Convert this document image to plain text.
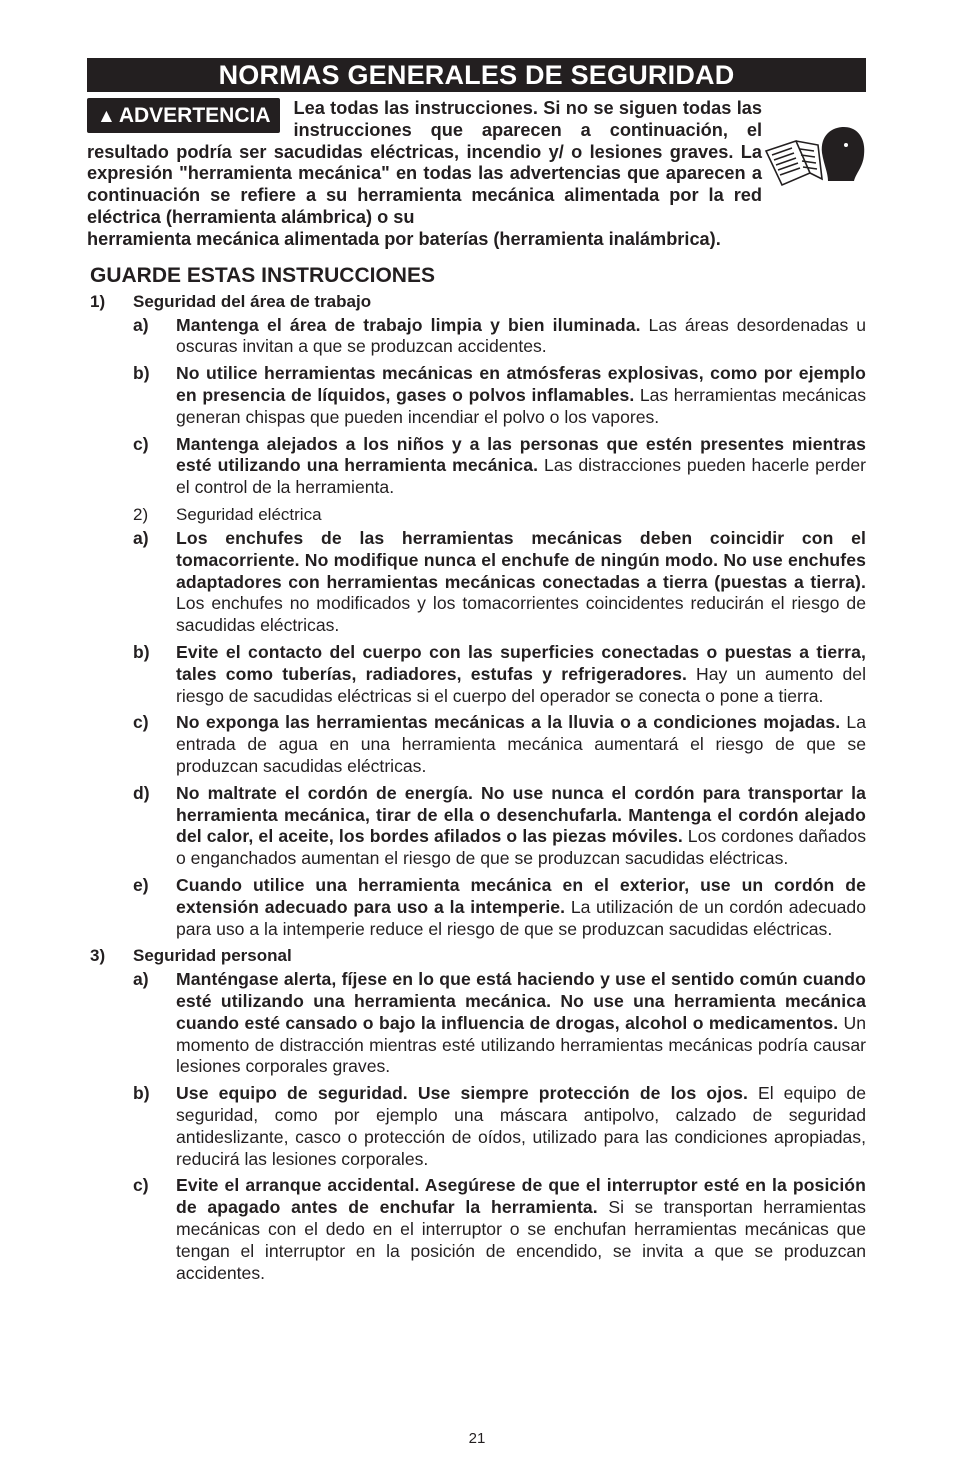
NORMAS GENERALES DE SEGURIDAD
▲ ADVERTENCIA	Lea todas las instrucciones. Si no se siguen todas las instrucciones que aparecen a continuación, el resultado podría ser sacudidas eléctricas, incendio y/ o lesiones graves. La expresión "herramienta mecánica" en todas las advertencias que aparecen a continuación se refiere a su herramienta mecánica alimentada por la red eléctrica (herramienta alámbrica) o su
herramienta mecánica alimentada por baterías (herramienta inalámbrica).
GUARDE ESTAS INSTRUCCIONES
1)	Seguridad del área de trabajo
a)	Mantenga el área de trabajo limpia y bien iluminada. Las áreas desordenadas u oscuras invitan a que se produzcan accidentes.
b)	No utilice herramientas mecánicas en atmósferas explosivas, como por ejemplo en presencia de líquidos, gases o polvos inflamables. Las herramientas mecánicas generan chispas que pueden incendiar el polvo o los vapores.
c)	Mantenga alejados a los niños y a las personas que estén presentes mientras esté utilizando una herramienta mecánica. Las distracciones pueden hacerle perder el control de la herramienta.
2)	Seguridad eléctrica
a)	Los enchufes de las herramientas mecánicas deben coincidir con el tomacorriente. No modifique nunca el enchufe de ningún modo. No use enchufes adaptadores con herramientas mecánicas conectadas a tierra (puestas a tierra). Los enchufes no modificados y los tomacorrientes coincidentes reducirán el riesgo de sacudidas eléctricas.
b)	Evite el contacto del cuerpo con las superficies conectadas o puestas a tierra, tales como tuberías, radiadores, estufas y refrigeradores. Hay un aumento del riesgo de sacudidas eléctricas si el cuerpo del operador se conecta o pone a tierra.
c)	No exponga las herramientas mecánicas a la lluvia o a condiciones mojadas. La entrada de agua en una herramienta mecánica aumentará el riesgo de que se produzcan sacudidas eléctricas.
d)	No maltrate el cordón de energía. No use nunca el cordón para transportar la herramienta mecánica, tirar de ella o desenchufarla. Mantenga el cordón alejado del calor, el aceite, los bordes afilados o las piezas móviles. Los cordones dañados o enganchados aumentan el riesgo de que se produzcan sacudidas eléctricas.
e)	Cuando utilice una herramienta mecánica en el exterior, use un cordón de extensión adecuado para uso a la intemperie. La utilización de un cordón adecuado para uso a la intemperie reduce el riesgo de que se produzcan sacudidas eléctricas.
3)	Seguridad personal
a)	Manténgase alerta, fíjese en lo que está haciendo y use el sentido común cuando esté utilizando una herramienta mecánica. No use una herramienta mecánica cuando esté cansado o bajo la influencia de drogas, alcohol o medicamentos. Un momento de distracción mientras esté utilizando herramientas mecánicas podría causar lesiones corporales graves.
b)	Use equipo de seguridad. Use siempre protección de los ojos. El equipo de seguridad, como por ejemplo una máscara antipolvo, calzado de seguridad antideslizante, casco o protección de oídos, utilizado para las condiciones apropiadas, reducirá las lesiones corporales.
c)	Evite el arranque accidental. Asegúrese de que el interruptor esté en la posición de apagado antes de enchufar la herramienta. Si se transportan herramientas mecánicas con el dedo en el interruptor o se enchufan herramientas mecánicas que tengan el interruptor en la posición de encendido, se invita a que se produzcan accidentes.
21
